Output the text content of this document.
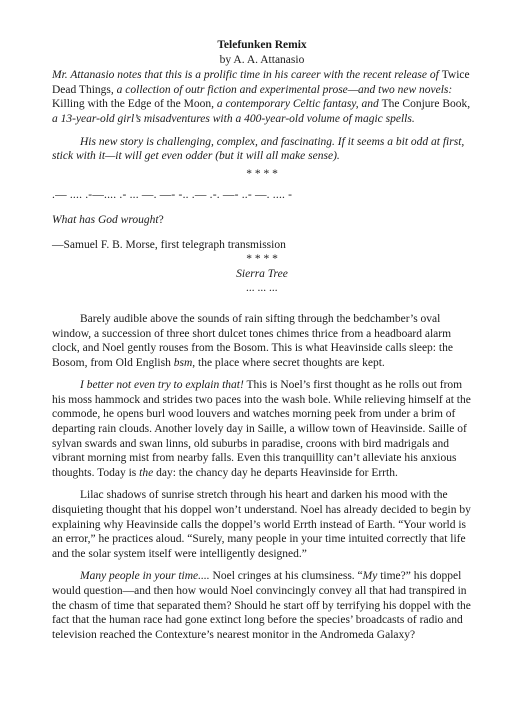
Telefunken Remix

by A. A. Attanasio

Mr. Attanasio notes that this is a prolific time in his career with the recent release of Twice Dead Things, a collection of outr fiction and experimental prose—and two new novels: Killing with the Edge of the Moon, a contemporary Celtic fantasy, and The Conjure Book, a 13-year-old girl’s misadventures with a 400-year-old volume of magic spells.

His new story is challenging, complex, and fascinating. If it seems a bit odd at first, stick with it—it will get even odder (but it will all make sense).

* * * *

.— .... .-—.... .- ... —. —- -.. .— .-. —- ..- —. .... -

What has God wrought?

—Samuel F. B. Morse, first telegraph transmission

* * * *

Sierra Tree

... ... ...

Barely audible above the sounds of rain sifting through the bedchamber’s oval window, a succession of three short dulcet tones chimes thrice from a headboard alarm clock, and Noel gently rouses from the Bosom. This is what Heavinside calls sleep: the Bosom, from Old English bsm, the place where secret thoughts are kept.

I better not even try to explain that! This is Noel’s first thought as he rolls out from his moss hammock and strides two paces into the wash bole. While relieving himself at the commode, he opens burl wood louvers and watches morning peek from under a brim of departing rain clouds. Another lovely day in Saille, a willow town of Heavinside. Saille of sylvan swards and swan linns, old suburbs in paradise, croons with bird madrigals and vibrant morning mist from nearby falls. Even this tranquillity can’t alleviate his anxious thoughts. Today is the day: the chancy day he departs Heavinside for Errth.

Lilac shadows of sunrise stretch through his heart and darken his mood with the disquieting thought that his doppel won’t understand. Noel has already decided to begin by explaining why Heavinside calls the doppel’s world Errth instead of Earth. “Your world is an error,” he practices aloud. “Surely, many people in your time intuited correctly that life and the solar system itself were intelligently designed.”

Many people in your time.... Noel cringes at his clumsiness. “My time?” his doppel would question—and then how would Noel convincingly convey all that had transpired in the chasm of time that separated them? Should he start off by terrifying his doppel with the fact that the human race had gone extinct long before the species’ broadcasts of radio and television reached the Contexture’s nearest monitor in the Andromeda Galaxy?
